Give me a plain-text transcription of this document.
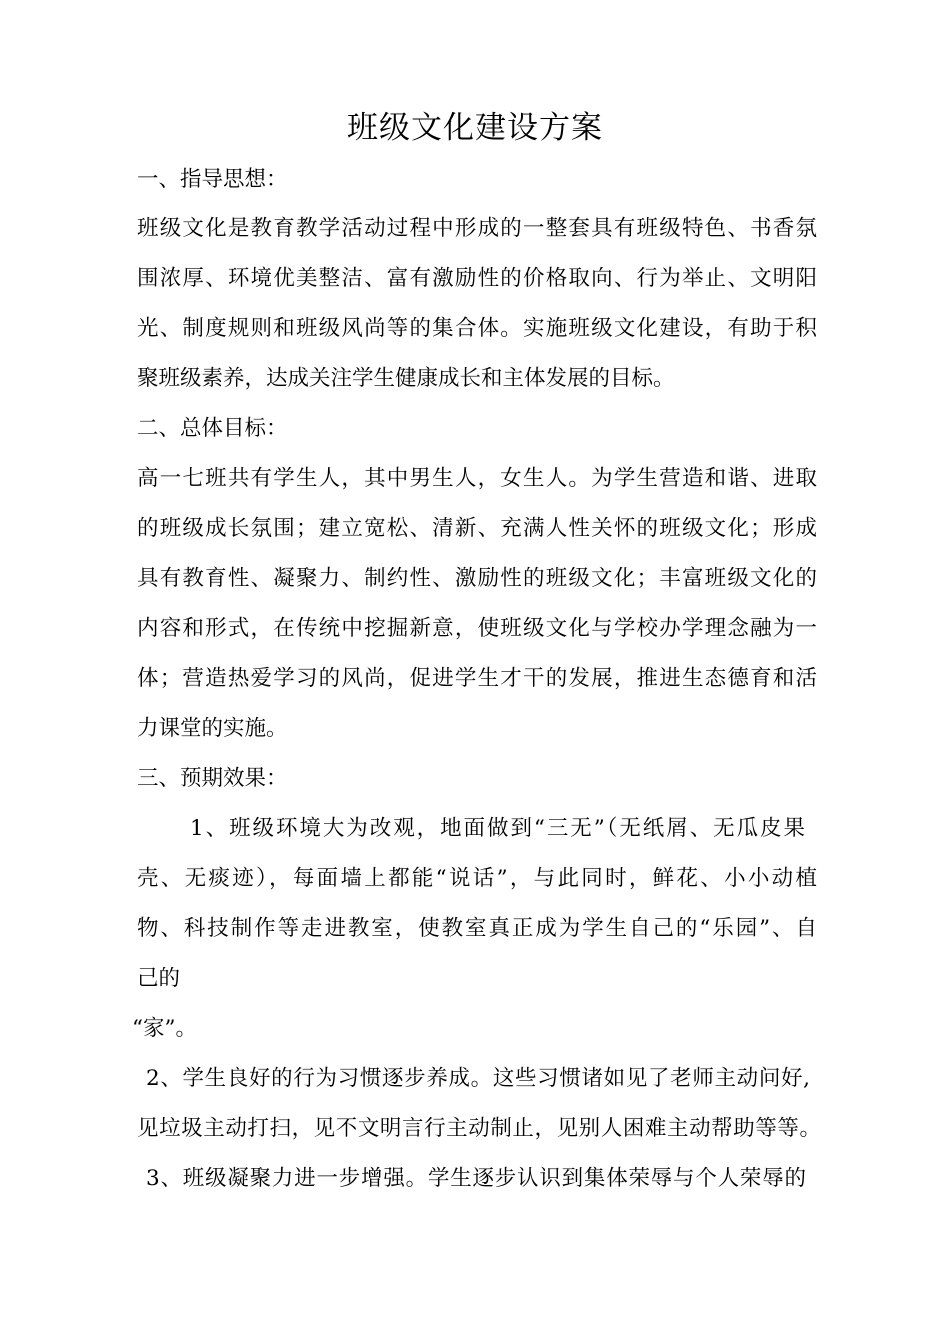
班级文化建设方案

一、指导思想：

班级文化是教育教学活动过程中形成的一整套具有班级特色、书香氛

围浓厚、环境优美整洁、富有激励性的价格取向、行为举止、文明阳

光、制度规则和班级风尚等的集合体。实施班级文化建设，有助于积

聚班级素养，达成关注学生健康成长和主体发展的目标。

二、总体目标：

高一七班共有学生人，其中男生人，女生人。为学生营造和谐、进取

的班级成长氛围；建立宽松、清新、充满人性关怀的班级文化；形成

具有教育性、凝聚力、制约性、激励性的班级文化；丰富班级文化的

内容和形式，在传统中挖掘新意，使班级文化与学校办学理念融为一

体；营造热爱学习的风尚，促进学生才干的发展，推进生态德育和活

力课堂的实施。

三、预期效果：

1、班级环境大为改观，地面做到“三无”（无纸屑、无瓜皮果

壳、无痰迹），每面墙上都能“说话”，与此同时，鲜花、小小动植

物、科技制作等走进教室，使教室真正成为学生自己的“乐园”、自

己的

“家”。

2、学生良好的行为习惯逐步养成。这些习惯诸如见了老师主动问好,

见垃圾主动打扫，见不文明言行主动制止，见别人困难主动帮助等等。

3、班级凝聚力进一步增强。学生逐步认识到集体荣辱与个人荣辱的
